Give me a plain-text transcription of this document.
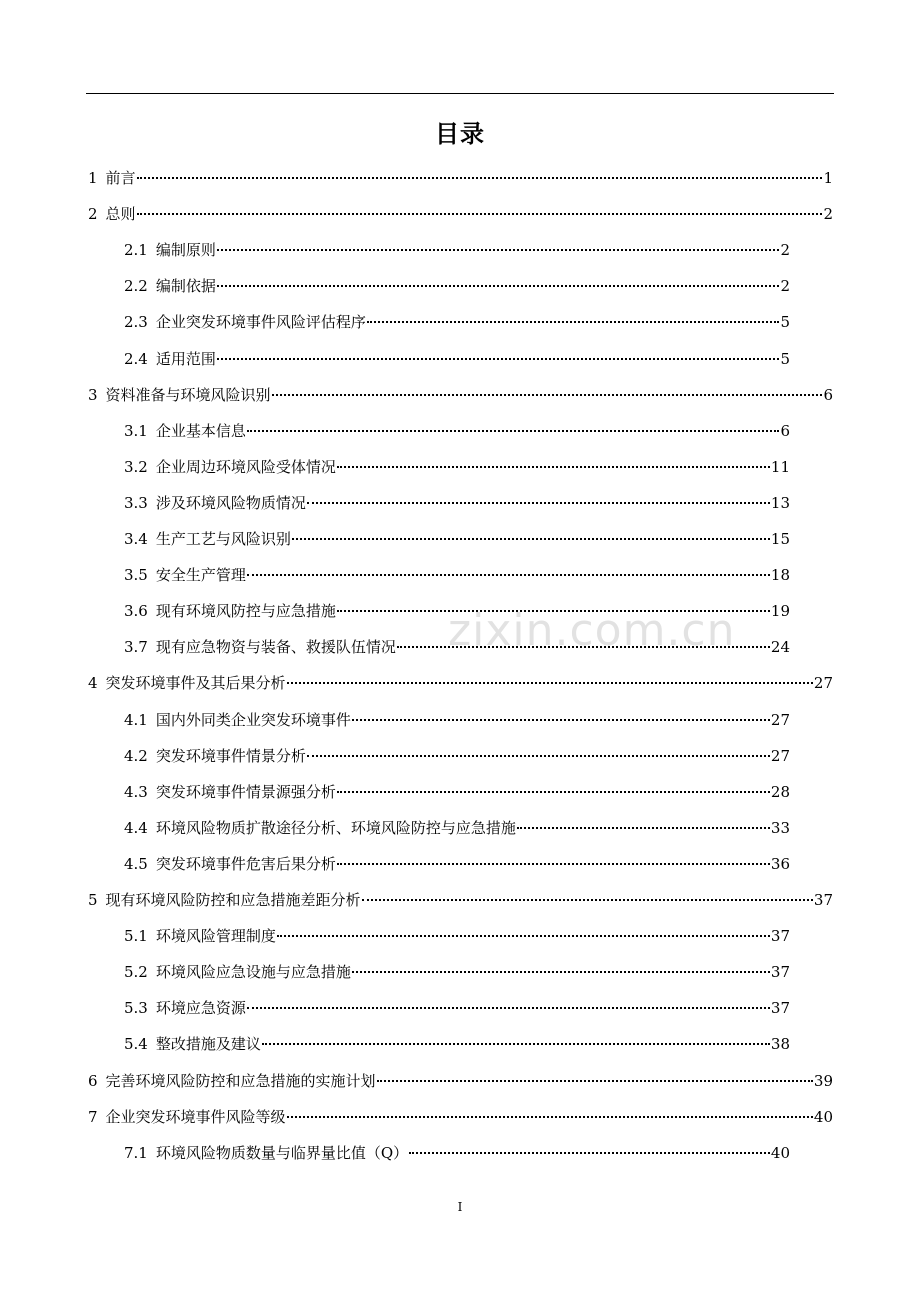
目录
1 前言	1
2 总则	2
2.1 编制原则	2
2.2 编制依据	2
2.3 企业突发环境事件风险评估程序	5
2.4 适用范围	5
3 资料准备与环境风险识别	6
3.1 企业基本信息	6
3.2 企业周边环境风险受体情况	11
3.3 涉及环境风险物质情况	13
3.4 生产工艺与风险识别	15
3.5 安全生产管理	18
3.6 现有环境风防控与应急措施	19
3.7 现有应急物资与装备、救援队伍情况	24
4 突发环境事件及其后果分析	27
4.1 国内外同类企业突发环境事件	27
4.2 突发环境事件情景分析	27
4.3 突发环境事件情景源强分析	28
4.4 环境风险物质扩散途径分析、环境风险防控与应急措施	33
4.5 突发环境事件危害后果分析	36
5 现有环境风险防控和应急措施差距分析	37
5.1 环境风险管理制度	37
5.2 环境风险应急设施与应急措施	37
5.3 环境应急资源	37
5.4 整改措施及建议	38
6 完善环境风险防控和应急措施的实施计划	39
7 企业突发环境事件风险等级	40
7.1 环境风险物质数量与临界量比值（Q）	40
zixin.com.cn
I
